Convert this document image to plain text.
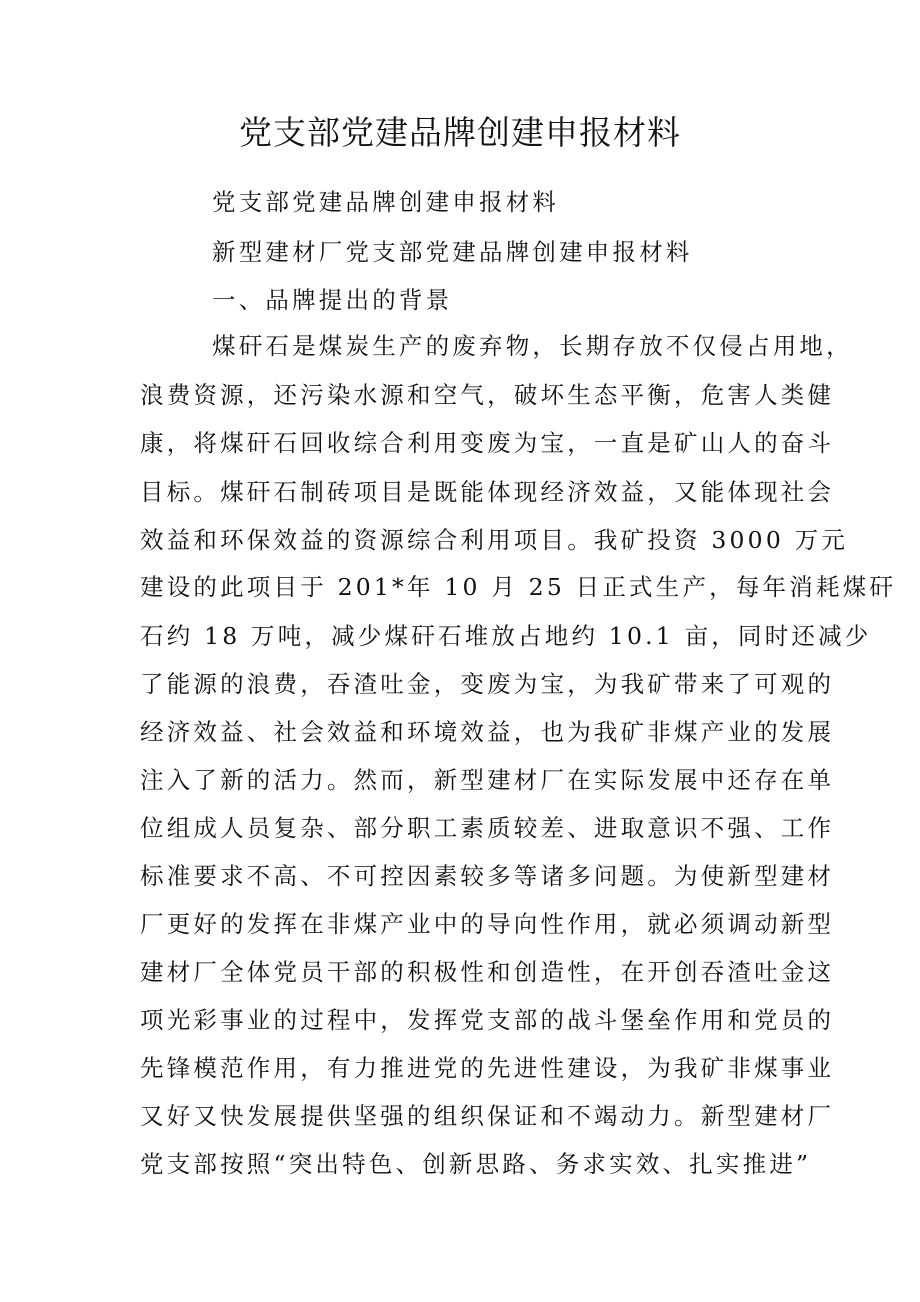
党支部党建品牌创建申报材料
党支部党建品牌创建申报材料
新型建材厂党支部党建品牌创建申报材料
一、品牌提出的背景
煤矸石是煤炭生产的废弃物，长期存放不仅侵占用地，
浪费资源，还污染水源和空气，破坏生态平衡，危害人类健
康，将煤矸石回收综合利用变废为宝，一直是矿山人的奋斗
目标。煤矸石制砖项目是既能体现经济效益，又能体现社会
效益和环保效益的资源综合利用项目。我矿投资 3000 万元
建设的此项目于 201*年 10 月 25 日正式生产，每年消耗煤矸
石约 18 万吨，减少煤矸石堆放占地约 10.1 亩，同时还减少
了能源的浪费，吞渣吐金，变废为宝，为我矿带来了可观的
经济效益、社会效益和环境效益，也为我矿非煤产业的发展
注入了新的活力。然而，新型建材厂在实际发展中还存在单
位组成人员复杂、部分职工素质较差、进取意识不强、工作
标准要求不高、不可控因素较多等诸多问题。为使新型建材
厂更好的发挥在非煤产业中的导向性作用，就必须调动新型
建材厂全体党员干部的积极性和创造性，在开创吞渣吐金这
项光彩事业的过程中，发挥党支部的战斗堡垒作用和党员的
先锋模范作用，有力推进党的先进性建设，为我矿非煤事业
又好又快发展提供坚强的组织保证和不竭动力。新型建材厂
党支部按照“突出特色、创新思路、务求实效、扎实推进”
